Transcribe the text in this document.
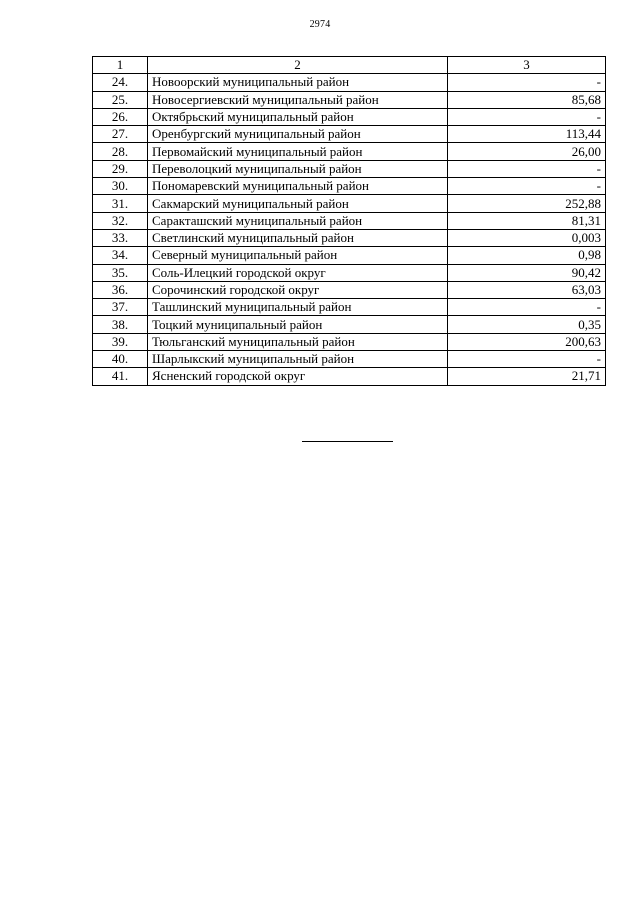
2974
1	2	3
24.	Новоорский муниципальный район	-
25.	Новосергиевский муниципальный район	85,68
26.	Октябрьский муниципальный район	-
27.	Оренбургский муниципальный район	113,44
28.	Первомайский муниципальный район	26,00
29.	Переволоцкий муниципальный район	-
30.	Пономаревский муниципальный район	-
31.	Сакмарский муниципальный район	252,88
32.	Саракташский муниципальный район	81,31
33.	Светлинский муниципальный район	0,003
34.	Северный муниципальный район	0,98
35.	Соль-Илецкий городской округ	90,42
36.	Сорочинский городской округ	63,03
37.	Ташлинский муниципальный район	-
38.	Тоцкий муниципальный район	0,35
39.	Тюльганский муниципальный район	200,63
40.	Шарлыкский муниципальный район	-
41.	Ясненский городской округ	21,71
